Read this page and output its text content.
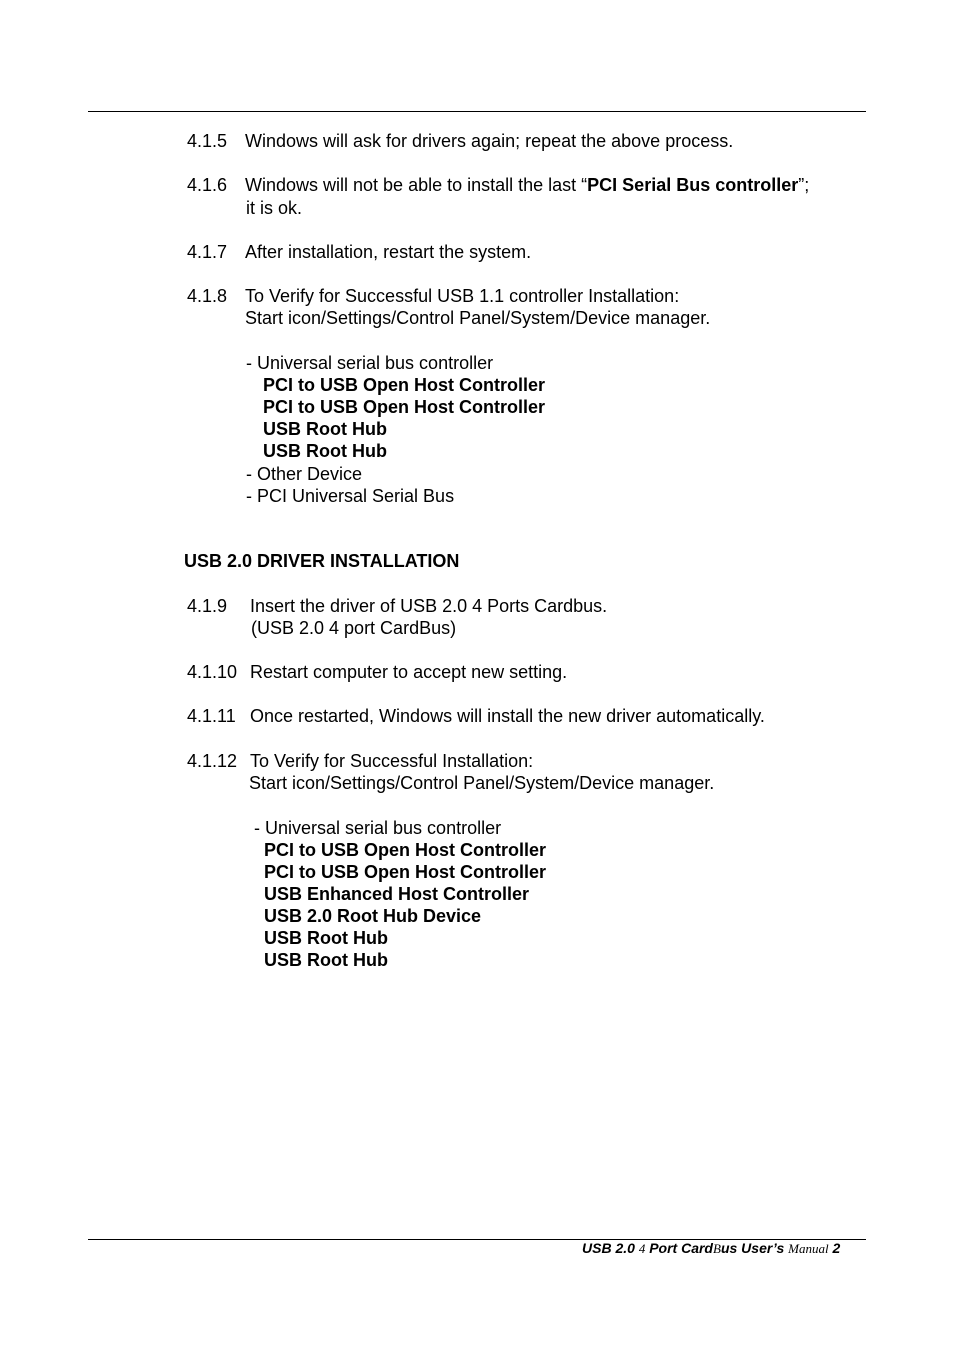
4.1.5 Windows will ask for drivers again; repeat the above process.
4.1.6 Windows will not be able to install the last “PCI Serial Bus controller”;
it is ok.
4.1.7 After installation, restart the system.
4.1.8 To Verify for Successful USB 1.1 controller Installation:
Start icon/Settings/Control Panel/System/Device manager.
- Universal serial bus controller
PCI to USB Open Host Controller
PCI to USB Open Host Controller
USB Root Hub
USB Root Hub
- Other Device
- PCI Universal Serial Bus
USB 2.0 DRIVER INSTALLATION
4.1.9 Insert the driver of USB 2.0 4 Ports Cardbus.
(USB 2.0 4 port CardBus)
4.1.10 Restart computer to accept new setting.
4.1.11 Once restarted, Windows will install the new driver automatically.
4.1.12 To Verify for Successful Installation:
Start icon/Settings/Control Panel/System/Device manager.
- Universal serial bus controller
PCI to USB Open Host Controller
PCI to USB Open Host Controller
USB Enhanced Host Controller
USB 2.0 Root Hub Device
USB Root Hub
USB Root Hub
USB 2.0 4 Port CardBus User’s Manual 2
